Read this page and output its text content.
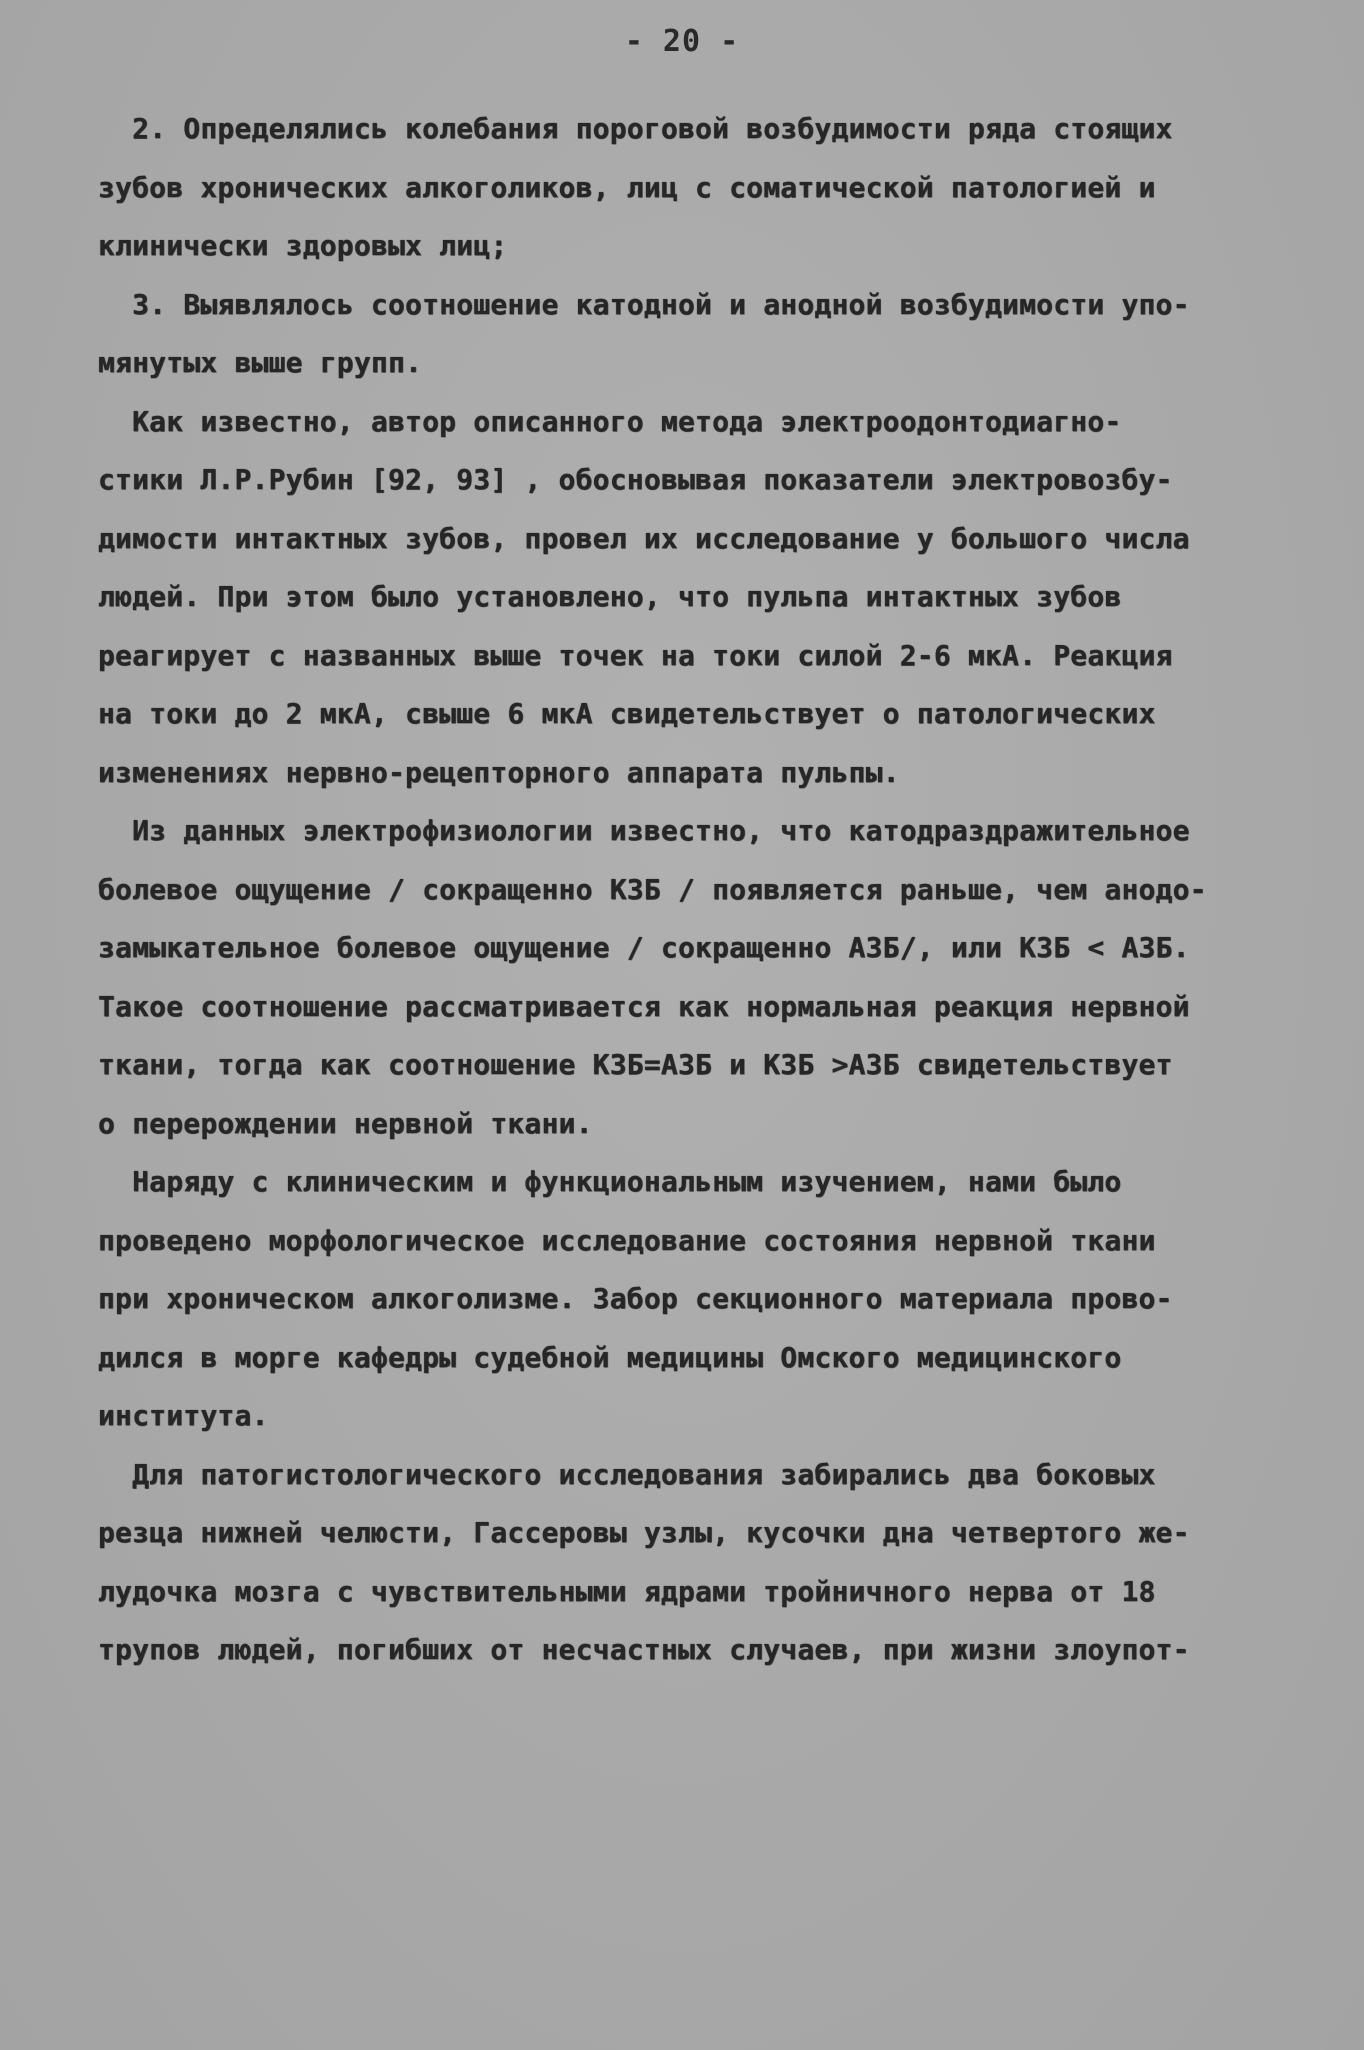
- 20 -
2. Определялись колебания пороговой возбудимости ряда стоящих
зубов хронических алкоголиков, лиц с соматической патологией и
клинически здоровых лиц;
3. Выявлялось соотношение катодной и анодной возбудимости упо-
мянутых выше групп.
Как известно, автор описанного метода электроодонтодиагно-
стики Л.Р.Рубин [92, 93] , обосновывая показатели электровозбу-
димости интактных зубов, провел их исследование у большого числа
людей. При этом было установлено, что пульпа интактных зубов
реагирует с названных выше точек на токи силой 2-6 мкА. Реакция
на токи до 2 мкА, свыше 6 мкА свидетельствует о патологических
изменениях нервно-рецепторного аппарата пульпы.
Из данных электрофизиологии известно, что катодраздражительное
болевое ощущение / сокращенно КЗБ / появляется раньше, чем анодо-
замыкательное болевое ощущение / сокращенно АЗБ/, или КЗБ < АЗБ.
Такое соотношение рассматривается как нормальная реакция нервной
ткани, тогда как соотношение КЗБ=АЗБ и КЗБ >АЗБ свидетельствует
о перерождении нервной ткани.
Наряду с клиническим и функциональным изучением, нами было
проведено морфологическое исследование состояния нервной ткани
при хроническом алкоголизме. Забор секционного материала прово-
дился в морге кафедры судебной медицины Омского медицинского
института.
Для патогистологического исследования забирались два боковых
резца нижней челюсти, Гассеровы узлы, кусочки дна четвертого же-
лудочка мозга с чувствительными ядрами тройничного нерва от 18
трупов людей, погибших от несчастных случаев, при жизни злоупот-
